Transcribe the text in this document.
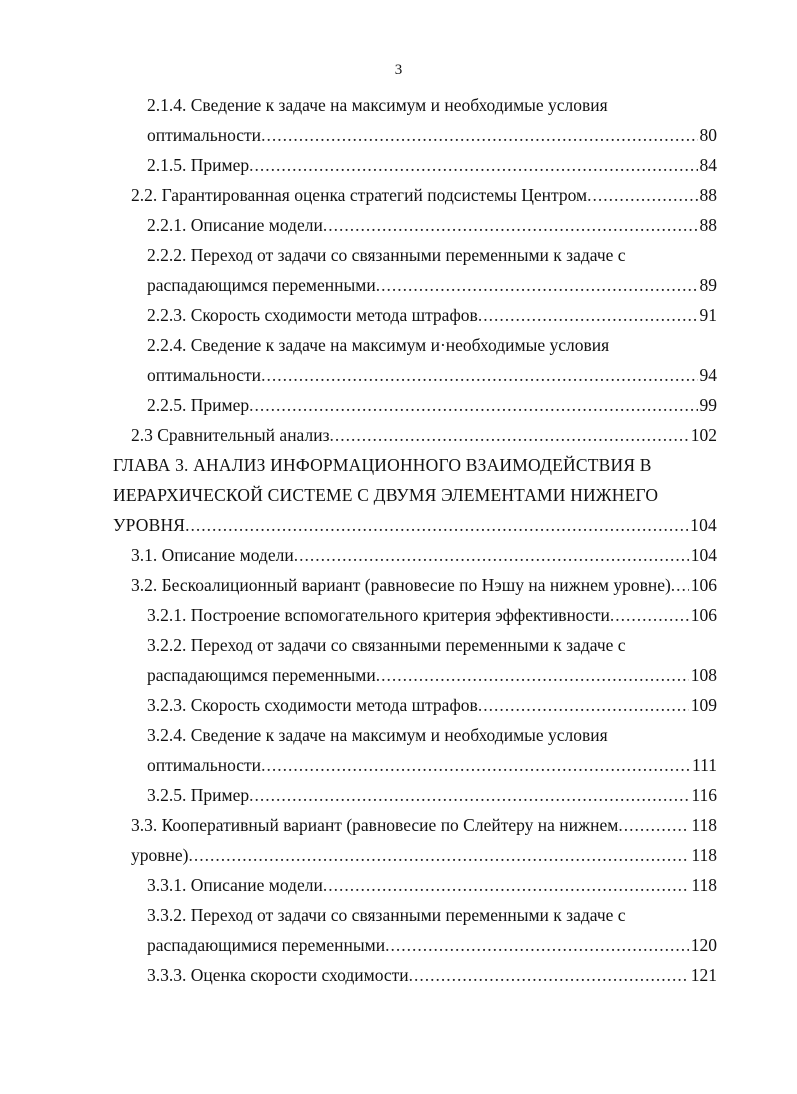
3
2.1.4. Сведение к задаче на максимум и необходимые условия
оптимальности .....	80
2.1.5. Пример .....	84
2.2. Гарантированная оценка стратегий подсистемы Центром .....	88
2.2.1. Описание модели .....	88
2.2.2. Переход от задачи со связанными переменными к задаче с
распадающимся переменными .....	89
2.2.3. Скорость сходимости метода штрафов .....	91
2.2.4. Сведение к задаче на максимум и·необходимые условия
оптимальности .....	94
2.2.5. Пример .....	99
2.3 Сравнительный анализ .....	102
ГЛАВА 3. АНАЛИЗ ИНФОРМАЦИОННОГО ВЗАИМОДЕЙСТВИЯ В
ИЕРАРХИЧЕСКОЙ СИСТЕМЕ С ДВУМЯ ЭЛЕМЕНТАМИ НИЖНЕГО
УРОВНЯ .....	104
3.1. Описание модели .....	104
3.2. Бескоалиционный вариант (равновесие по Нэшу на нижнем уровне) ..... 106
3.2.1. Построение вспомогательного критерия эффективности .....	106
3.2.2. Переход от задачи со связанными переменными к задаче с
распадающимся переменными .....	108
3.2.3. Скорость сходимости метода штрафов .....	109
3.2.4. Сведение к задаче на максимум и необходимые условия
оптимальности .....	111
3.2.5. Пример .....	116
3.3. Кооперативный вариант (равновесие по Слейтеру на нижнем .....	118
уровне) .....	118
3.3.1. Описание модели .....	118
3.3.2. Переход от задачи со связанными переменными к задаче с
распадающимися переменными .....	120
3.3.3. Оценка скорости сходимости .....	121
